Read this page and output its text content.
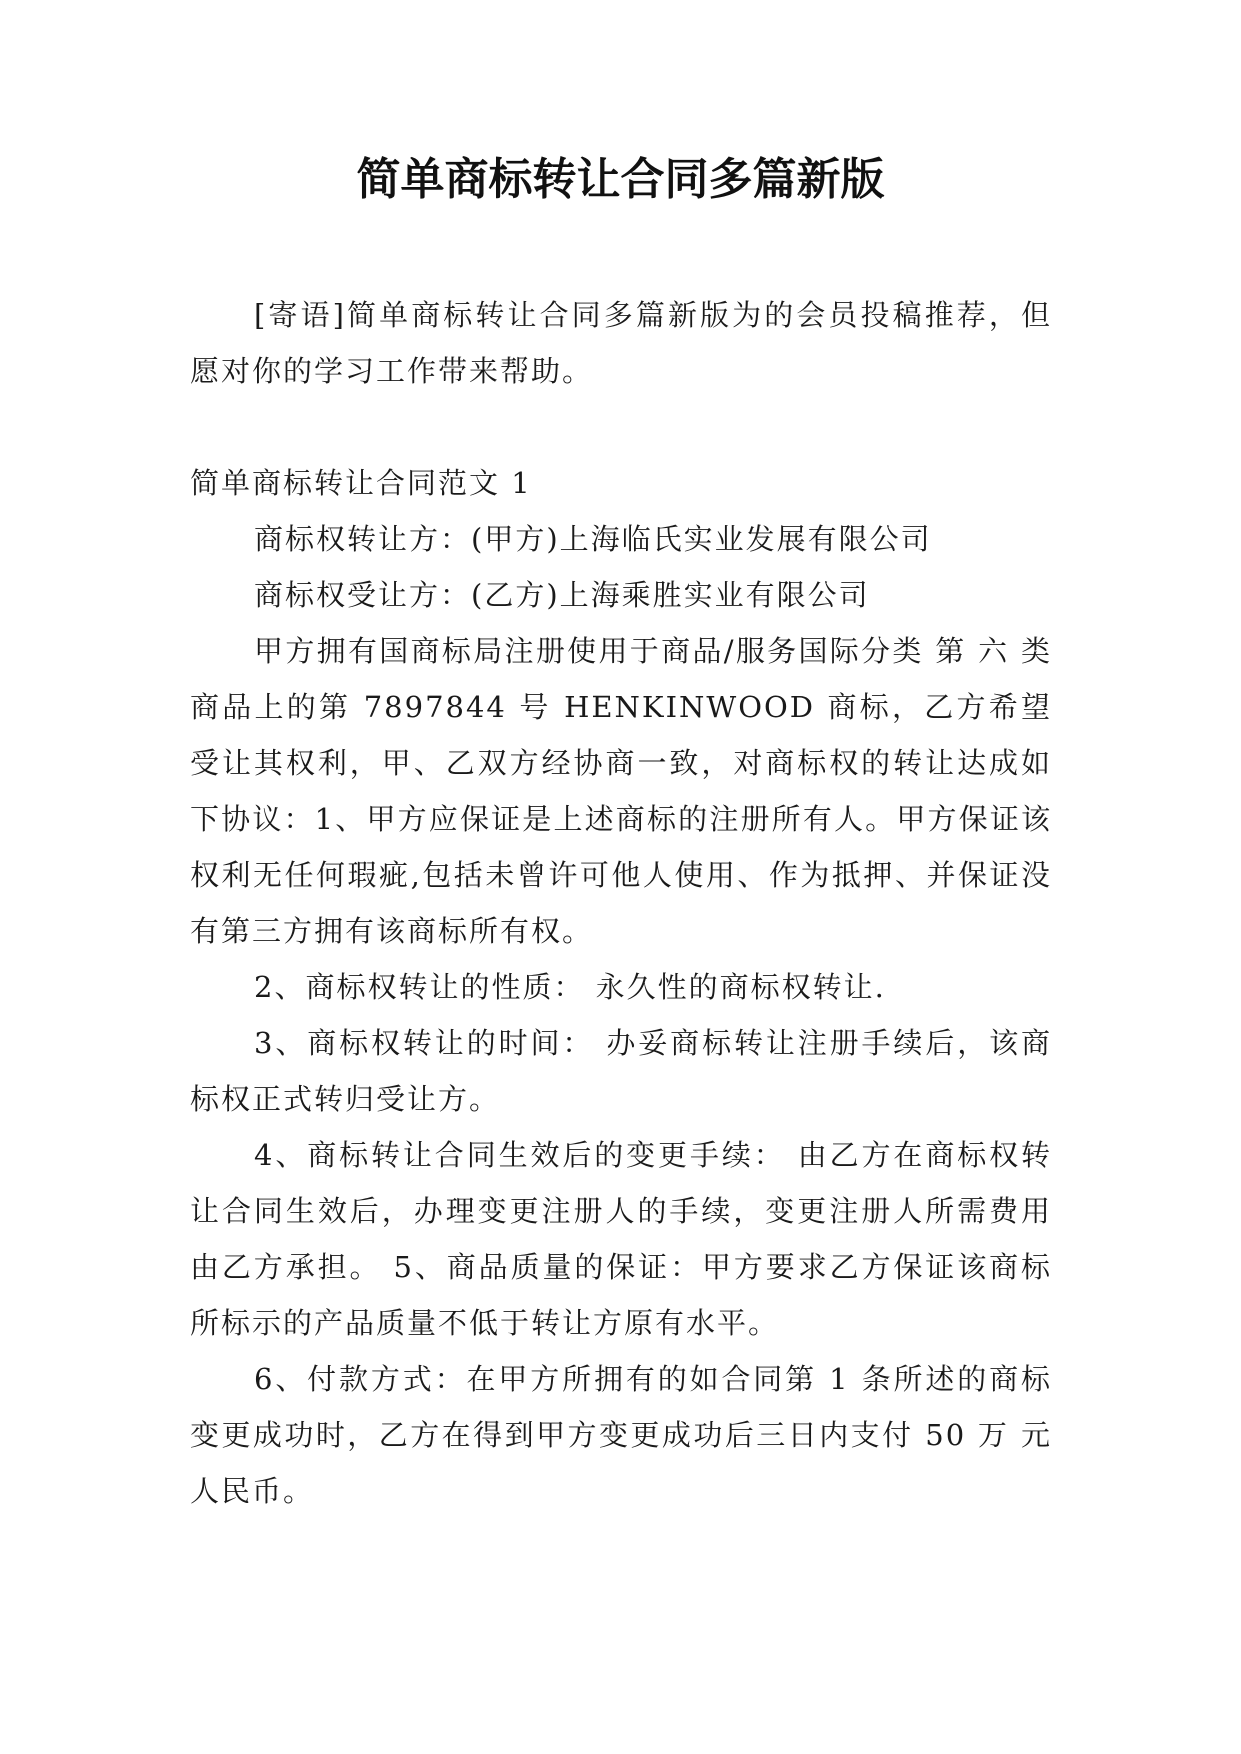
简单商标转让合同多篇新版

[寄语]简单商标转让合同多篇新版为的会员投稿推荐，但愿对你的学习工作带来帮助。

简单商标转让合同范文 1

商标权转让方：(甲方)上海临氏实业发展有限公司

商标权受让方：(乙方)上海乘胜实业有限公司

甲方拥有国商标局注册使用于商品/服务国际分类 第 六 类商品上的第 7897844 号 HENKINWOOD 商标，乙方希望受让其权利，甲、乙双方经协商一致，对商标权的转让达成如下协议：1、甲方应保证是上述商标的注册所有人。甲方保证该权利无任何瑕疵,包括未曾许可他人使用、作为抵押、并保证没有第三方拥有该商标所有权。

2、商标权转让的性质： 永久性的商标权转让.

3、商标权转让的时间： 办妥商标转让注册手续后，该商标权正式转归受让方。

4、商标转让合同生效后的变更手续： 由乙方在商标权转让合同生效后，办理变更注册人的手续，变更注册人所需费用由乙方承担。 5、商品质量的保证：甲方要求乙方保证该商标所标示的产品质量不低于转让方原有水平。

6、付款方式：在甲方所拥有的如合同第 1 条所述的商标变更成功时，乙方在得到甲方变更成功后三日内支付 50 万 元人民币。
